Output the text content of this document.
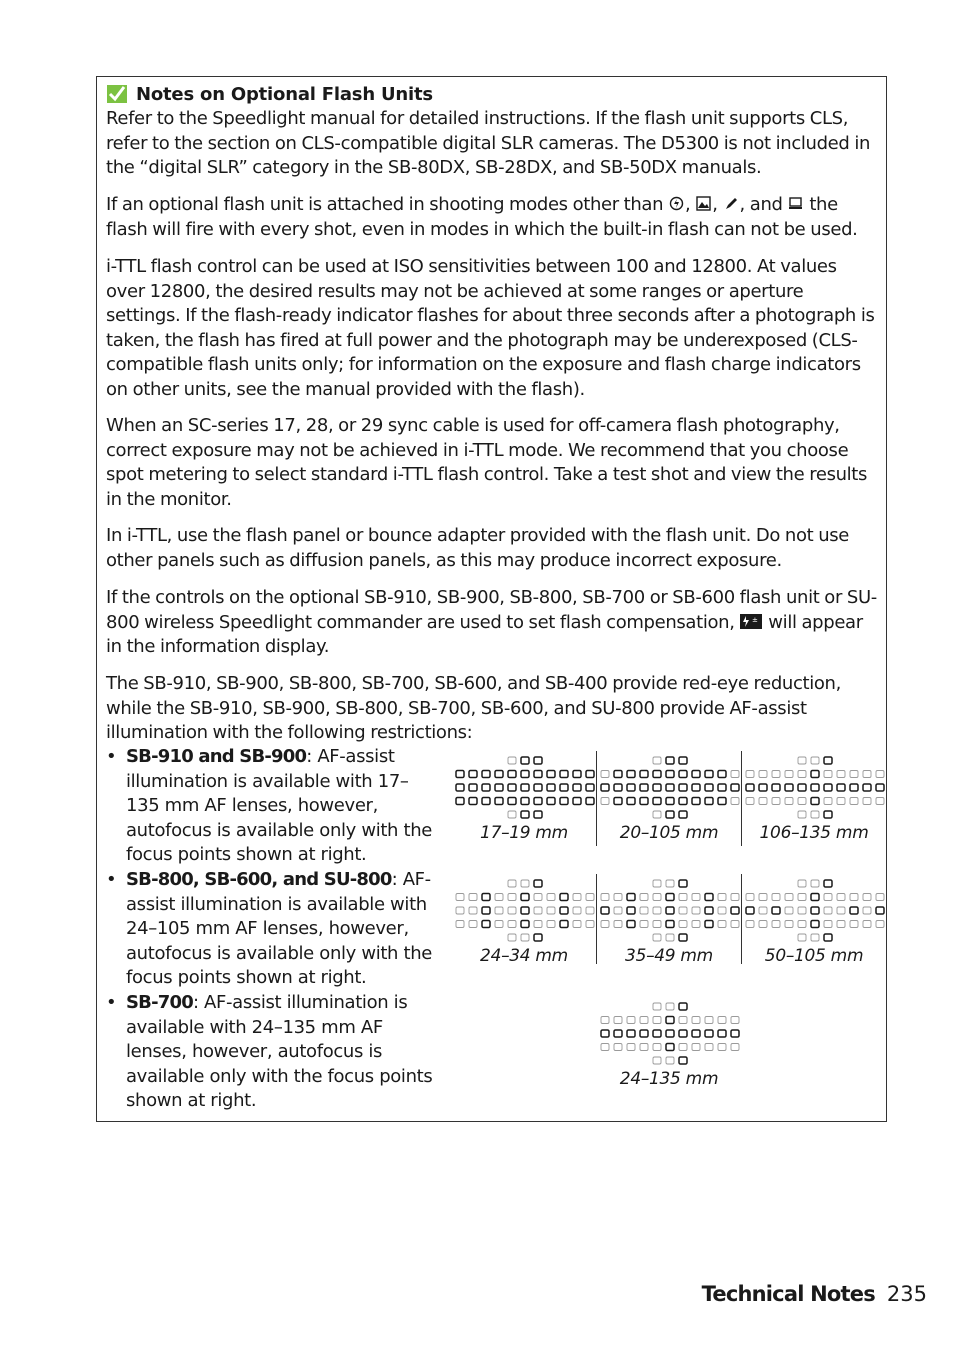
Notes on Optional Flash Units

Refer to the Speedlight manual for detailed instructions. If the flash unit supports CLS, refer to the section on CLS-compatible digital SLR cameras. The D5300 is not included in the “digital SLR” category in the SB-80DX, SB-28DX, and SB-50DX manuals.

If an optional flash unit is attached in shooting modes other than
,
,
, and
the flash will fire with every shot, even in modes in which the built-in flash can not be used.

i-TTL flash control can be used at ISO sensitivities between 100 and 12800. At values over 12800, the desired results may not be achieved at some ranges or aperture settings. If the flash-ready indicator flashes for about three seconds after a photograph is taken, the flash has fired at full power and the photograph may be underexposed (CLS-compatible flash units only; for information on the exposure and flash charge indicators on other units, see the manual provided with the flash).

When an SC-series 17, 28, or 29 sync cable is used for off-camera flash photography, correct exposure may not be achieved in i-TTL mode. We recommend that you choose spot metering to select standard i-TTL flash control. Take a test shot and view the results in the monitor.

In i-TTL, use the flash panel or bounce adapter provided with the flash unit. Do not use other panels such as diffusion panels, as this may produce incorrect exposure.

If the controls on the optional SB-910, SB-900, SB-800, SB-700 or SB-600 flash unit or SU-800 wireless Speedlight commander are used to set flash compensation, ± will appear in the information display.

The SB-910, SB-900, SB-800, SB-700, SB-600, and SB-400 provide red-eye reduction, while the SB-910, SB-900, SB-800, SB-700, SB-600, and SU-800 provide AF-assist illumination with the following restrictions:

• SB-910 and SB-900: AF-assist illumination is available with 17–135 mm AF lenses, however, autofocus is available only with the focus points shown at right.
• SB-800, SB-600, and SU-800: AF-assist illumination is available with 24–105 mm AF lenses, however, autofocus is available only with the focus points shown at right.
• SB-700: AF-assist illumination is available with 24–135 mm AF lenses, however, autofocus is available only with the focus points shown at right.
17–19 mm	20–105 mm	106–135 mm
24–34 mm	35–49 mm	50–105 mm
24–135 mm
Technical Notes 235
